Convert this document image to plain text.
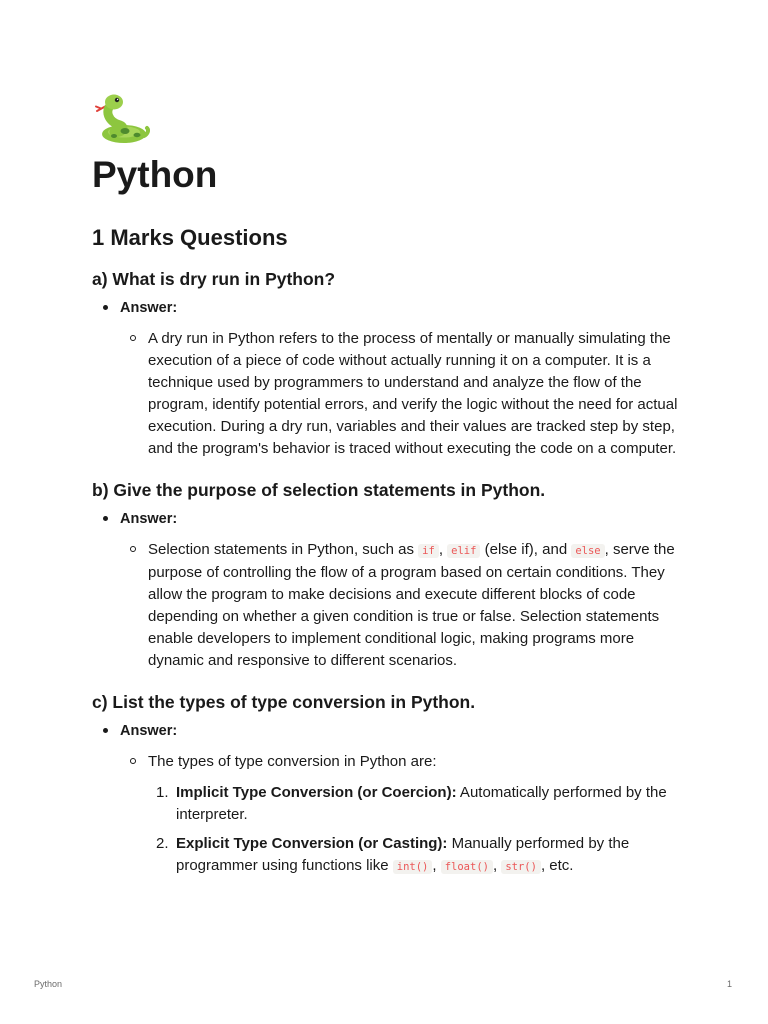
Python
1 Marks Questions
a) What is dry run in Python?
Answer:

A dry run in Python refers to the process of mentally or manually simulating the execution of a piece of code without actually running it on a computer. It is a technique used by programmers to understand and analyze the flow of the program, identify potential errors, and verify the logic without the need for actual execution. During a dry run, variables and their values are tracked step by step, and the program's behavior is traced without executing the code on a computer.

b) Give the purpose of selection statements in Python.
Answer:

Selection statements in Python, such as if , elif (else if), and else , serve the purpose of controlling the flow of a program based on certain conditions. They allow the program to make decisions and execute different blocks of code depending on whether a given condition is true or false. Selection statements enable developers to implement conditional logic, making programs more dynamic and responsive to different scenarios.

c) List the types of type conversion in Python.
Answer:

The types of type conversion in Python are:

1. Implicit Type Conversion (or Coercion): Automatically performed by the interpreter.

2. Explicit Type Conversion (or Casting): Manually performed by the programmer using functions like int() , float() , str() , etc.

Python	1
